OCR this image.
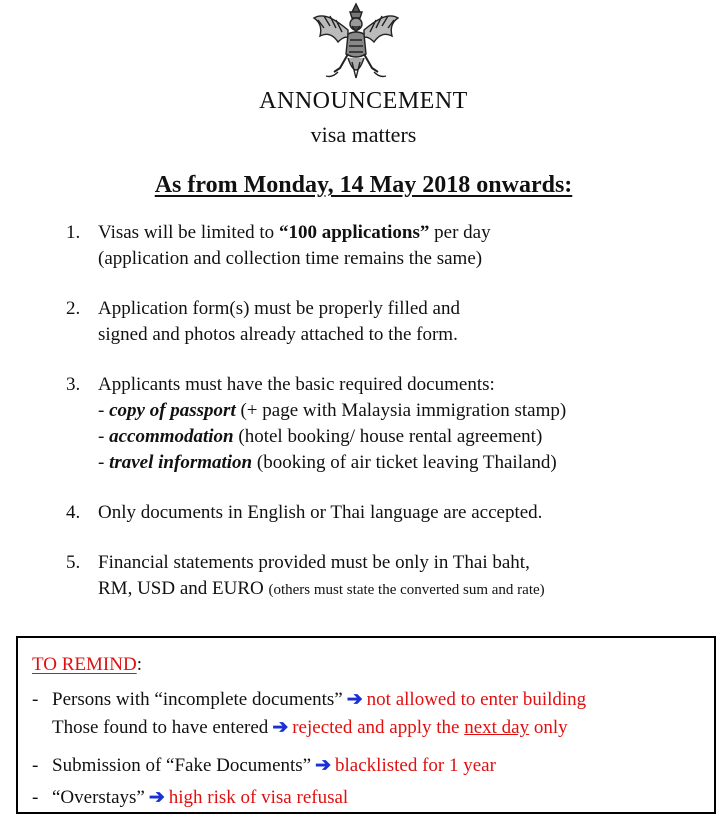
ANNOUNCEMENT
visa matters
As from Monday, 14 May 2018 onwards:
1. Visas will be limited to “100 applications” per day
(application and collection time remains the same)
2. Application form(s) must be properly filled and
signed and photos already attached to the form.
3. Applicants must have the basic required documents:
- copy of passport (+ page with Malaysia immigration stamp)
- accommodation (hotel booking/ house rental agreement)
- travel information (booking of air ticket leaving Thailand)
4. Only documents in English or Thai language are accepted.
5. Financial statements provided must be only in Thai baht,
RM, USD and EURO (others must state the converted sum and rate)
TO REMIND:
- Persons with “incomplete documents” ➔ not allowed to enter building
Those found to have entered ➔ rejected and apply the next day only
- Submission of “Fake Documents” ➔ blacklisted for 1 year
- “Overstays” ➔ high risk of visa refusal
